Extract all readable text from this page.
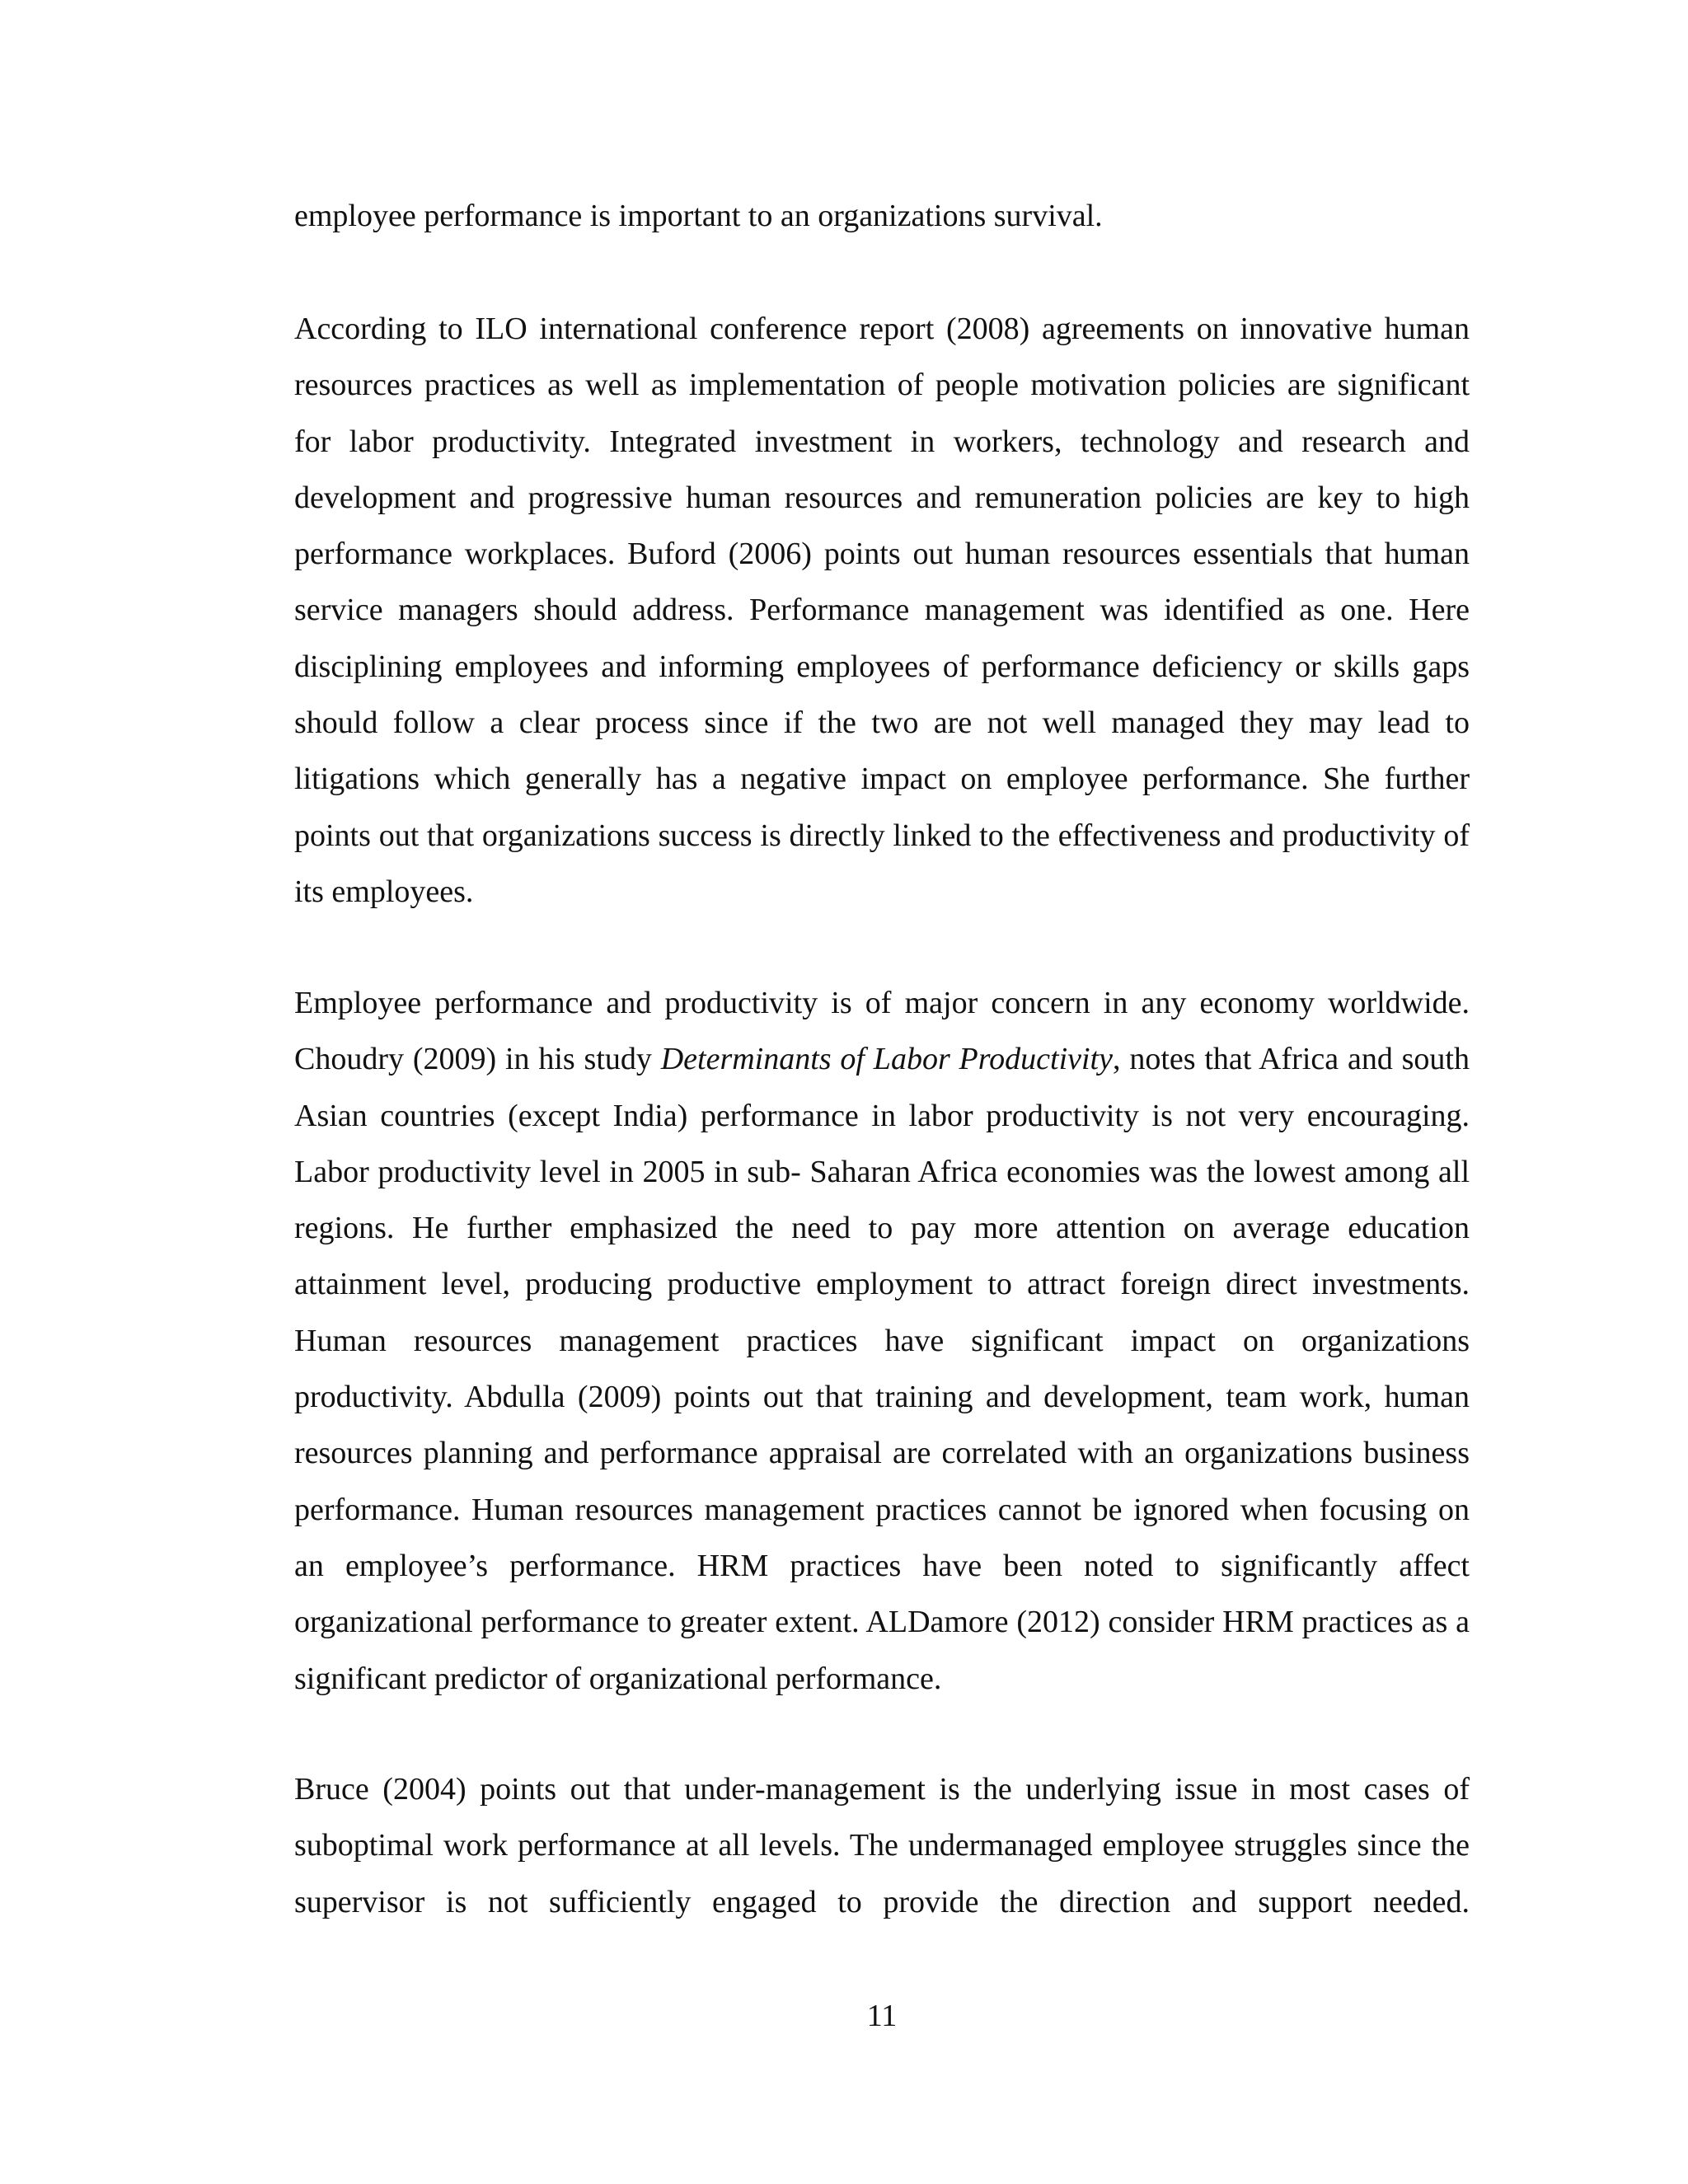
employee performance is important to an organizations survival.

According to ILO international conference report (2008) agreements on innovative human resources practices as well as implementation of people motivation policies are significant for labor productivity. Integrated investment in workers, technology and research and development and progressive human resources and remuneration policies are key to high performance workplaces. Buford (2006) points out human resources essentials that human service managers should address. Performance management was identified as one. Here disciplining employees and informing employees of performance deficiency or skills gaps should follow a clear process since if the two are not well managed they may lead to litigations which generally has a negative impact on employee performance. She further points out that organizations success is directly linked to the effectiveness and productivity of its employees.

Employee performance and productivity is of major concern in any economy worldwide. Choudry (2009) in his study Determinants of Labor Productivity, notes that Africa and south Asian countries (except India) performance in labor productivity is not very encouraging. Labor productivity level in 2005 in sub- Saharan Africa economies was the lowest among all regions. He further emphasized the need to pay more attention on average education attainment level, producing productive employment to attract foreign direct investments. Human resources management practices have significant impact on organizations productivity. Abdulla (2009) points out that training and development, team work, human resources planning and performance appraisal are correlated with an organizations business performance. Human resources management practices cannot be ignored when focusing on an employee’s performance. HRM practices have been noted to significantly affect organizational performance to greater extent. ALDamore (2012) consider HRM practices as a significant predictor of organizational performance.

Bruce (2004) points out that under-management is the underlying issue in most cases of suboptimal work performance at all levels. The undermanaged employee struggles since the supervisor is not sufficiently engaged to provide the direction and support needed.

11
